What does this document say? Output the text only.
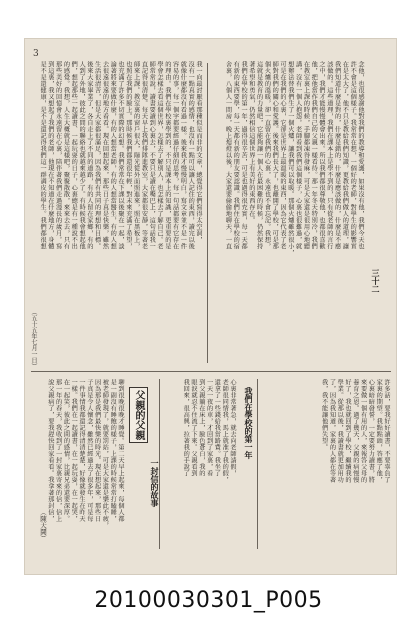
3
我一向最討厭看那種似是而非的文章，總覺得它們寫得太空洞，
沒有一點真實的感情，也沒有一點可以讓人記住的東西，讀完以後
就像什麼都沒有看過一樣。後來我才慢慢明白，寫文章並不是一件
容易的事，每一個字都要經過仔細的思考，每一句話都要有它存在
的理由。我們在學校裏學到的，不只是課本上的知識，更重要的是
學會怎樣去看這個世界，怎樣去了解別人，也怎樣去了解自己。老
師常常說，讀書要讀到心裏去，不要只是讀在嘴巴上，這句話我一
直記得很清楚。每天早上我們排隊進教室，大家都很安靜，等著老
師來上課。教室裏的窗戶很大，陽光從外面照進來，照在黑板上，
也照在我們的臉上。那時候我們都還很年輕，對未來充滿了希望，
也充滿了許多不切實際的幻想。我們常常在下課以後聚在一起，談
論著將來要做什麼，有的人想當老師，有的人想當醫生，有的人想
去很遠很遠的地方看看。現在回想起來，那些日子真是快樂，雖然
生活很清苦，但是大家都很滿足，因為我們有共同的理想和目標。
後來大家畢業了，各自走上了不同的道路，有的人留在家鄉，有的
人到了外地，彼此之間的聯絡也就越來越少了。有時候我會想起他
們，想起那些一起讀書、一起玩耍的日子，心裏總是有一種說不出
的感覺。我想，人生大概就是這樣吧，聚聚散散，來來去去，只有
那些美好的回憶會永遠留在心裏，陪伴著我們走過漫長的歲月。寫
到這裏，我又想起了我們的老師，他現在不知道在什麼地方，身體
是不是還健康，是不是還記得我們這一群調皮的學生。我們都很想	念他，也很感謝他對我們的教導和愛護，如果沒有他，我們今天也
許不會是這個樣子。我常常在想，一個好的老師，對學生的影響實
在是太大了，他不只是教給我們知識，更教給我們做人的道理，讓
我們知道什麼是對的，什麼是錯的，什麼是應該做的，什麼是不應
該做的。這些道理，我們在課本上是學不到的，只有從老師的言行
之中，我們才能慢慢體會出來。所以我們都很尊敬他，也都很喜歡
他，把他當作我們自己的父親一樣看待。那一年冬天特別冷，我們
在教室裏上課的時候，手腳都凍得發麻，可是大家還是很用心地聽
講，沒有一個人抱怨。老師看到我們這個樣子，心裏也很難過，就
想辦法替我們生了一個火爐，讓我們可以取暖。那個火爐雖然很小，
可是在我們的心裏，它卻是世界上最溫暖的東西，因為它代表了老
師對我們的關心和愛護。後來我們長大了，也離開了學校，可是那
個火爐的溫暖，卻一直留在我們的心裏，永遠也不會忘記。我想，
這就是教育的力量吧，它能夠讓一個人在最困難的時候，仍然保持
著希望和勇氣，仍然相信這個世界上有美好的東西存在。
我們在學校的第一年，過得很辛苦，可是也過得很充實，每一天都
有新的東西要學，每一天都有新的朋友要認識。我們住在學校的宿
舍裏，八個人一間房，晚上熄燈以後，大家還要偷偷地聊天，一直
三十二
（五十五年七月一日）
聊到很晚很晚才睡覺。第二天早上起來，每個人都
是一副沒有睡飽的樣子，上課的時候常常打瞌睡，
被老師發現了，就要罰站，可是大家還是樂此不疲，
因為那是我們最快樂的時光。現在想起來，那些日
子真是令人懷念，雖然已經過去了很多年，可是每
一件事情我都還記得清清楚楚，好像就發生在昨天
一樣。我們在一起讀書，在一起玩耍，在一起哭，
在一起笑，彼此之間的感情，比親兄弟還要深厚。
那一年的春天，我收到了一封家裏寄來的信，信上
說父親病了，要我趕快回家看看。我拿著那封信，	父親的父親
一封信的故事
心裏非常著急，就去向老師請假，
老師很同情我，馬上就准了我的假，
還拿了一些錢給我當路費。我坐了
一天一夜的車，才回到了家裏，看
到父親躺在床上，臉色蒼白，我的
眼淚就忍不住流了下來。父親看到
我回來，很高興，拉著我的手說了	我們在學校的第一年	許多話，要我好好讀書，不要辜負了
家裏的期望。我點點頭，答應了他，
心裏暗暗發誓，一定要努力讀書，將
來要做一個有用的人，來報答父母的
養育之恩。過了幾天，父親的病慢慢
好了，我也就回到了學校，繼續我的
學業。從那以後，我讀書就更加用功
了，因為我知道，家裏的人都在等著
我，我不能讓他們失望。
（陳天鬪）
20100030301_P005
